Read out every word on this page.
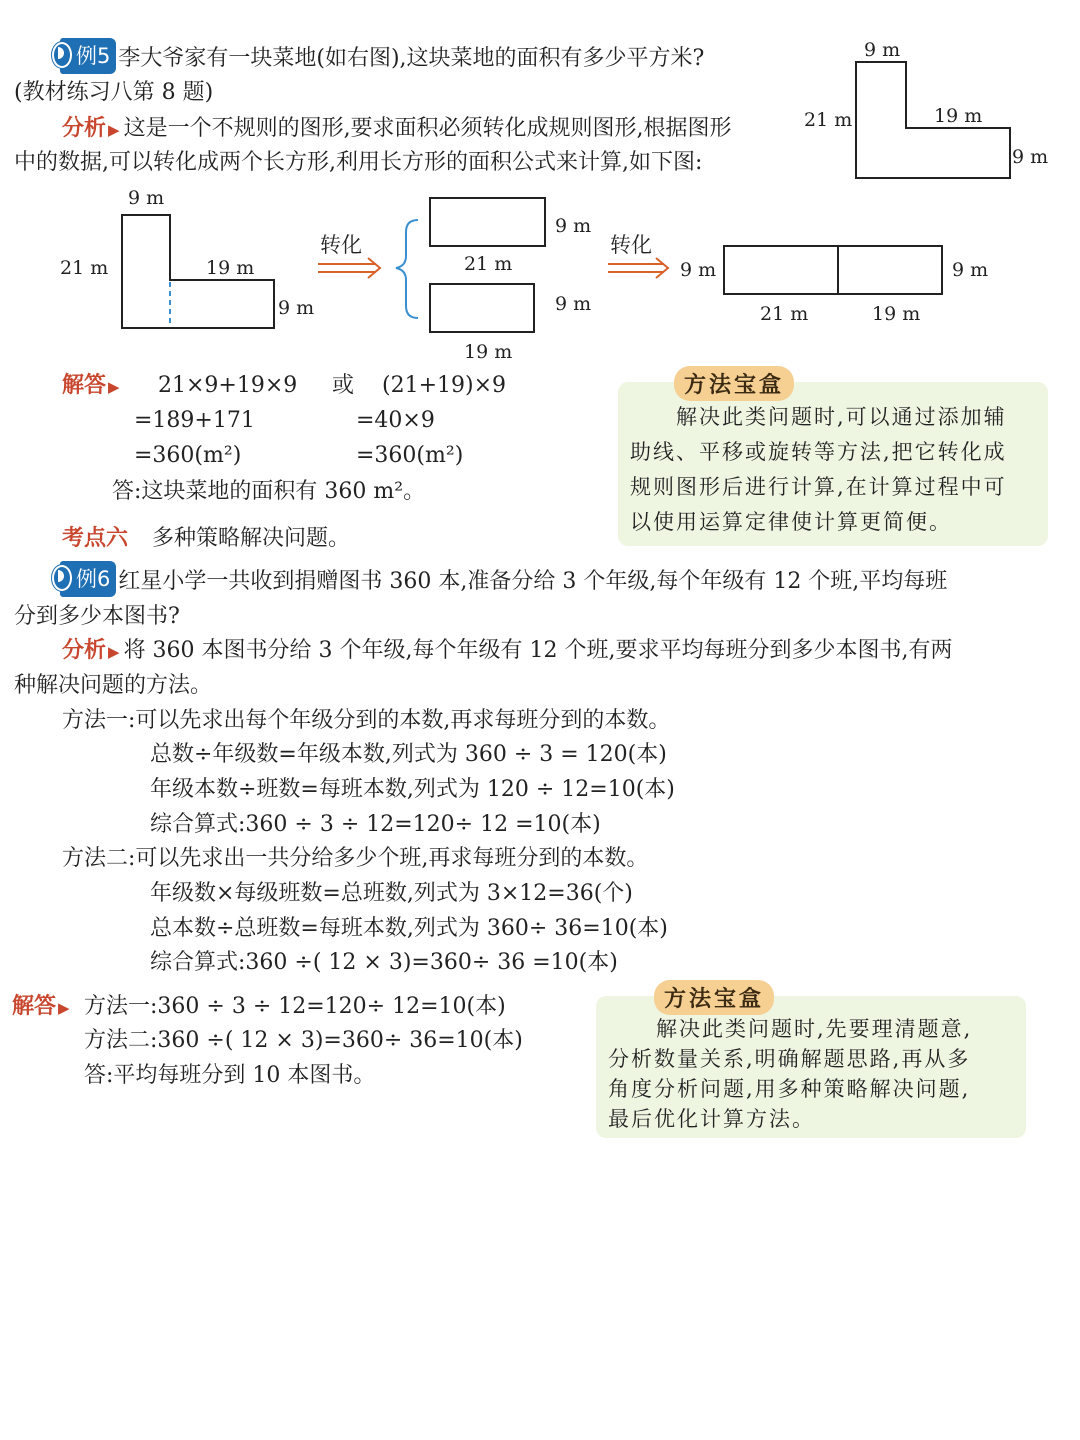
例5 李大爷家有一块菜地(如右图),这块菜地的面积有多少平方米?
(教材练习八第 8 题)
分析 ▶ 这是一个不规则的图形,要求面积必须转化成规则图形,根据图形
中的数据,可以转化成两个长方形,利用长方形的面积公式来计算,如下图:
9 m
21 m	19 m
9 m
9 m
21 m	19 m
9 m
转化
21 m
9 m
19 m
9 m
转化
9 m	9 m
21 m	19 m
解答 ▶ 21×9+19×9 或 (21+19)×9
=189+171	=40×9
=360(m²)	=360(m²)
答:这块菜地的面积有 360 m²。
方法宝盒
解决此类问题时,可以通过添加辅
助线、平移或旋转等方法,把它转化成
规则图形后进行计算,在计算过程中可
以使用运算定律使计算更简便。
考点六 多种策略解决问题。
例6 红星小学一共收到捐赠图书 360 本,准备分给 3 个年级,每个年级有 12 个班,平均每班
分到多少本图书?
分析 ▶ 将 360 本图书分给 3 个年级,每个年级有 12 个班,要求平均每班分到多少本图书,有两
种解决问题的方法。
方法一:可以先求出每个年级分到的本数,再求每班分到的本数。
总数÷年级数=年级本数,列式为 360 ÷ 3 = 120(本)
年级本数÷班数=每班本数,列式为 120 ÷ 12=10(本)
综合算式:360 ÷ 3 ÷ 12=120÷ 12 =10(本)
方法二:可以先求出一共分给多少个班,再求每班分到的本数。
年级数×每级班数=总班数,列式为 3×12=36(个)
总本数÷总班数=每班本数,列式为 360÷ 36=10(本)
综合算式:360 ÷( 12 × 3)=360÷ 36 =10(本)
解答 ▶ 方法一:360 ÷ 3 ÷ 12=120÷ 12=10(本)
方法二:360 ÷( 12 × 3)=360÷ 36=10(本)
答:平均每班分到 10 本图书。
方法宝盒
解决此类问题时,先要理清题意,
分析数量关系,明确解题思路,再从多
角度分析问题,用多种策略解决问题,
最后优化计算方法。
